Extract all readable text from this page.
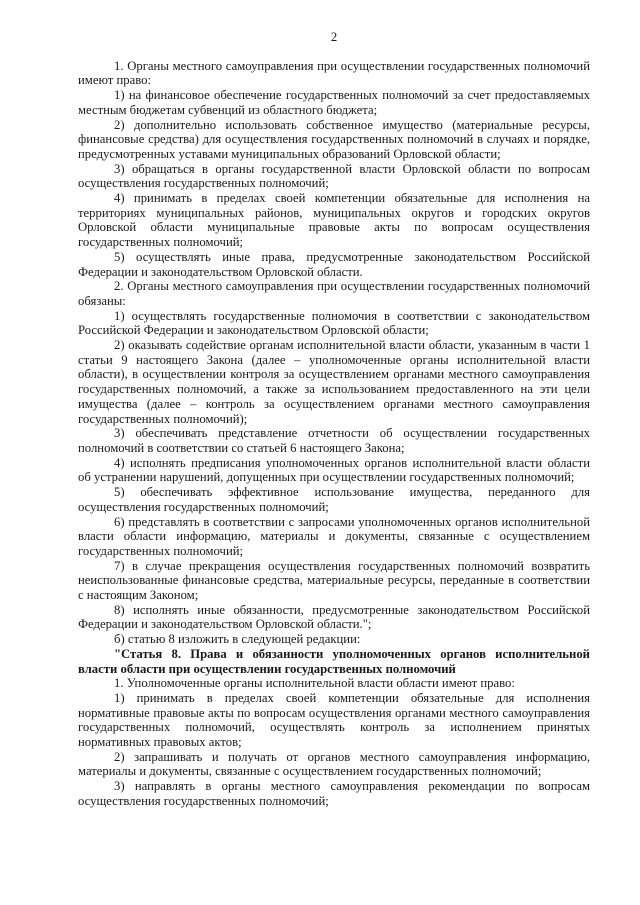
2

1. Органы местного самоуправления при осуществлении государственных полномочий имеют право:

1) на финансовое обеспечение государственных полномочий за счет предоставляемых местным бюджетам субвенций из областного бюджета;

2) дополнительно использовать собственное имущество (материальные ресурсы, финансовые средства) для осуществления государственных полномочий в случаях и порядке, предусмотренных уставами муниципальных образований Орловской области;

3) обращаться в органы государственной власти Орловской области по вопросам осуществления государственных полномочий;

4) принимать в пределах своей компетенции обязательные для исполнения на территориях муниципальных районов, муниципальных округов и городских округов Орловской области муниципальные правовые акты по вопросам осуществления государственных полномочий;

5) осуществлять иные права, предусмотренные законодательством Российской Федерации и законодательством Орловской области.

2. Органы местного самоуправления при осуществлении государственных полномочий обязаны:

1) осуществлять государственные полномочия в соответствии с законодательством Российской Федерации и законодательством Орловской области;

2) оказывать содействие органам исполнительной власти области, указанным в части 1 статьи 9 настоящего Закона (далее – уполномоченные органы исполнительной власти области), в осуществлении контроля за осуществлением органами местного самоуправления государственных полномочий, а также за использованием предоставленного на эти цели имущества (далее – контроль за осуществлением органами местного самоуправления государственных полномочий);

3) обеспечивать представление отчетности об осуществлении государственных полномочий в соответствии со статьей 6 настоящего Закона;

4) исполнять предписания уполномоченных органов исполнительной власти области об устранении нарушений, допущенных при осуществлении государственных полномочий;

5) обеспечивать эффективное использование имущества, переданного для осуществления государственных полномочий;

6) представлять в соответствии с запросами уполномоченных органов исполнительной власти области информацию, материалы и документы, связанные с осуществлением государственных полномочий;

7) в случае прекращения осуществления государственных полномочий возвратить неиспользованные финансовые средства, материальные ресурсы, переданные в соответствии с настоящим Законом;

8) исполнять иные обязанности, предусмотренные законодательством Российской Федерации и законодательством Орловской области.";

б) статью 8 изложить в следующей редакции:

"Статья 8. Права и обязанности уполномоченных органов исполнительной власти области при осуществлении государственных полномочий

1. Уполномоченные органы исполнительной власти области имеют право:

1) принимать в пределах своей компетенции обязательные для исполнения нормативные правовые акты по вопросам осуществления органами местного самоуправления государственных полномочий, осуществлять контроль за исполнением принятых нормативных правовых актов;

2) запрашивать и получать от органов местного самоуправления информацию, материалы и документы, связанные с осуществлением государственных полномочий;

3) направлять в органы местного самоуправления рекомендации по вопросам осуществления государственных полномочий;
